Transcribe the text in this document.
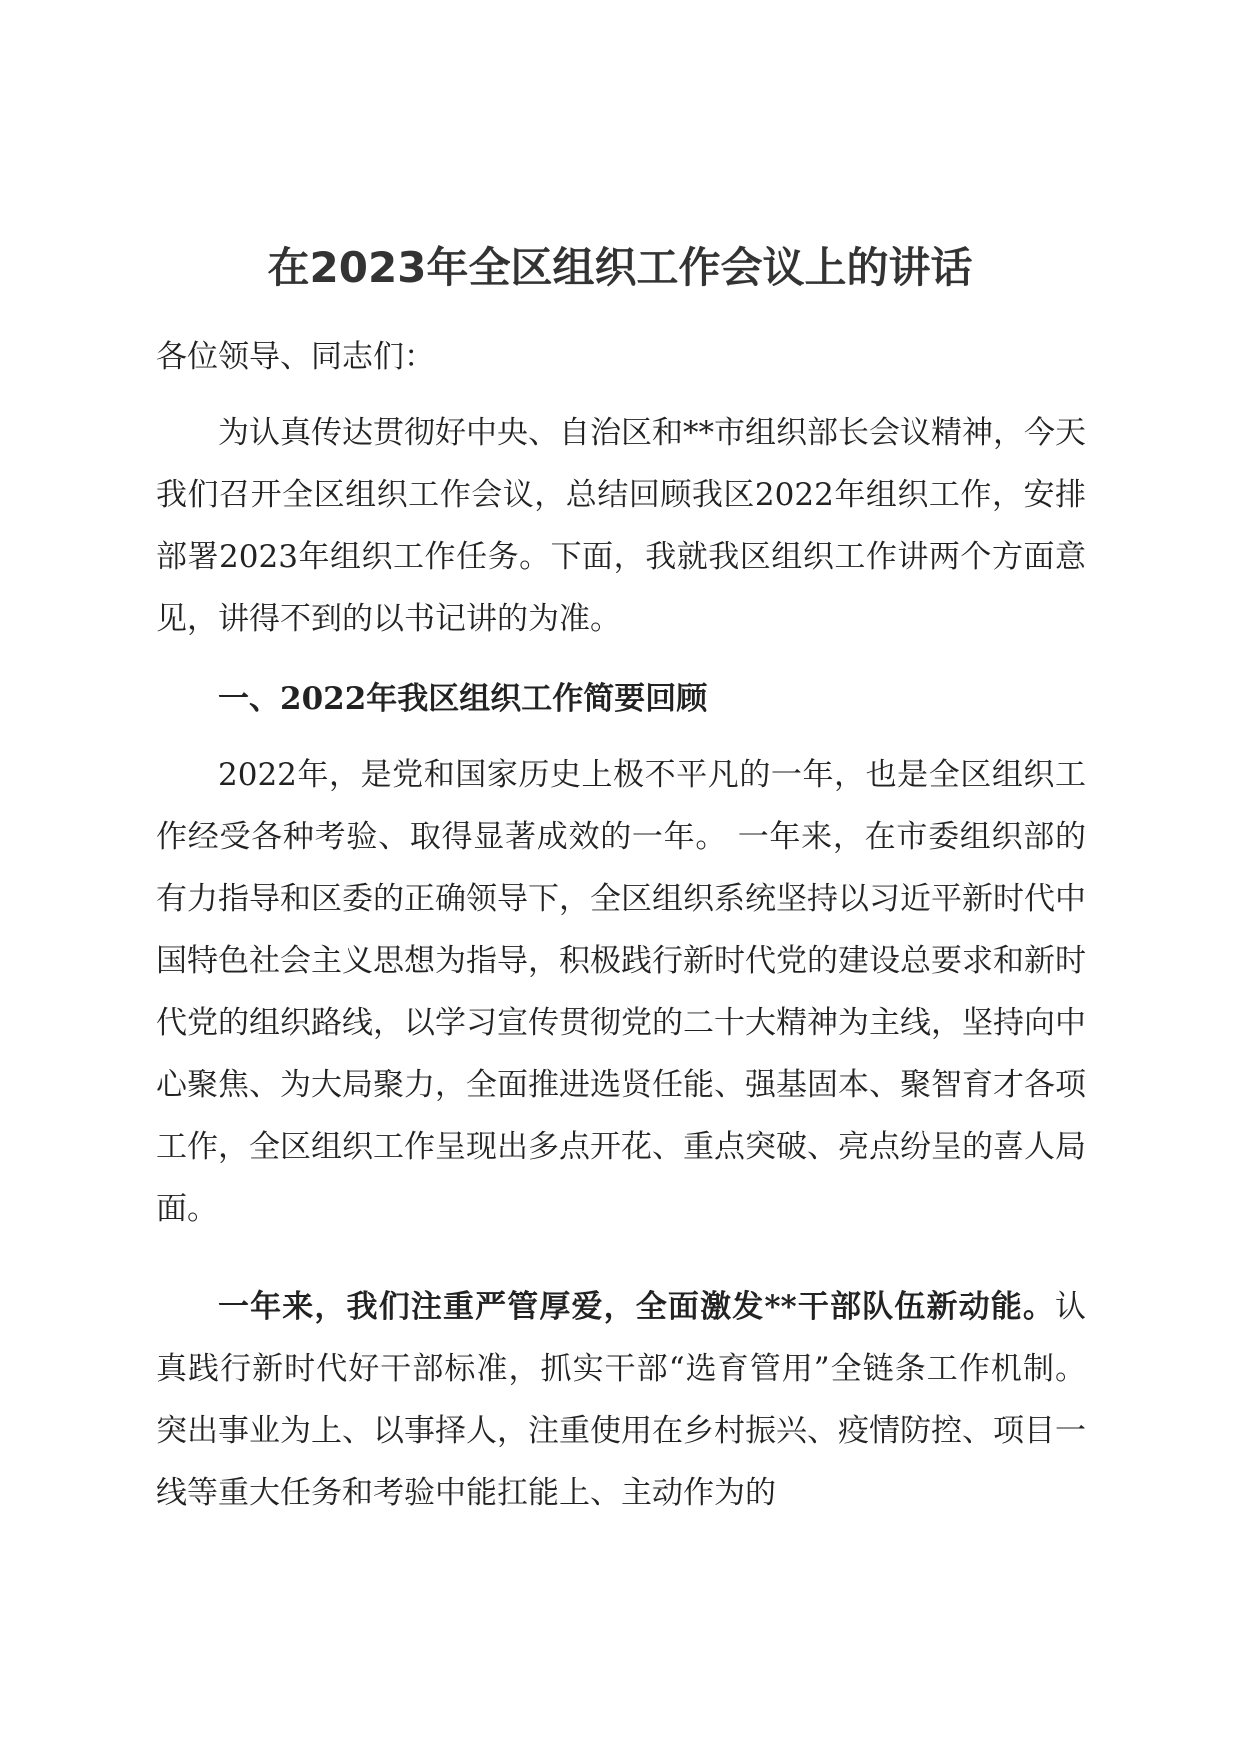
在2023年全区组织工作会议上的讲话
各位领导、同志们：
为认真传达贯彻好中央、自治区和**市组织部长会议精神，今天我们召开全区组织工作会议，总结回顾我区2022年组织工作，安排部署2023年组织工作任务。下面，我就我区组织工作讲两个方面意见，讲得不到的以书记讲的为准。
一、2022年我区组织工作简要回顾
2022年，是党和国家历史上极不平凡的一年，也是全区组织工作经受各种考验、取得显著成效的一年。 一年来，在市委组织部的有力指导和区委的正确领导下，全区组织系统坚持以习近平新时代中国特色社会主义思想为指导，积极践行新时代党的建设总要求和新时代党的组织路线，以学习宣传贯彻党的二十大精神为主线，坚持向中心聚焦、为大局聚力，全面推进选贤任能、强基固本、聚智育才各项工作，全区组织工作呈现出多点开花、重点突破、亮点纷呈的喜人局面。
一年来，我们注重严管厚爱，全面激发**干部队伍新动能。认真践行新时代好干部标准，抓实干部“选育管用”全链条工作机制。突出事业为上、以事择人，注重使用在乡村振兴、疫情防控、项目一线等重大任务和考验中能扛能上、主动作为的
